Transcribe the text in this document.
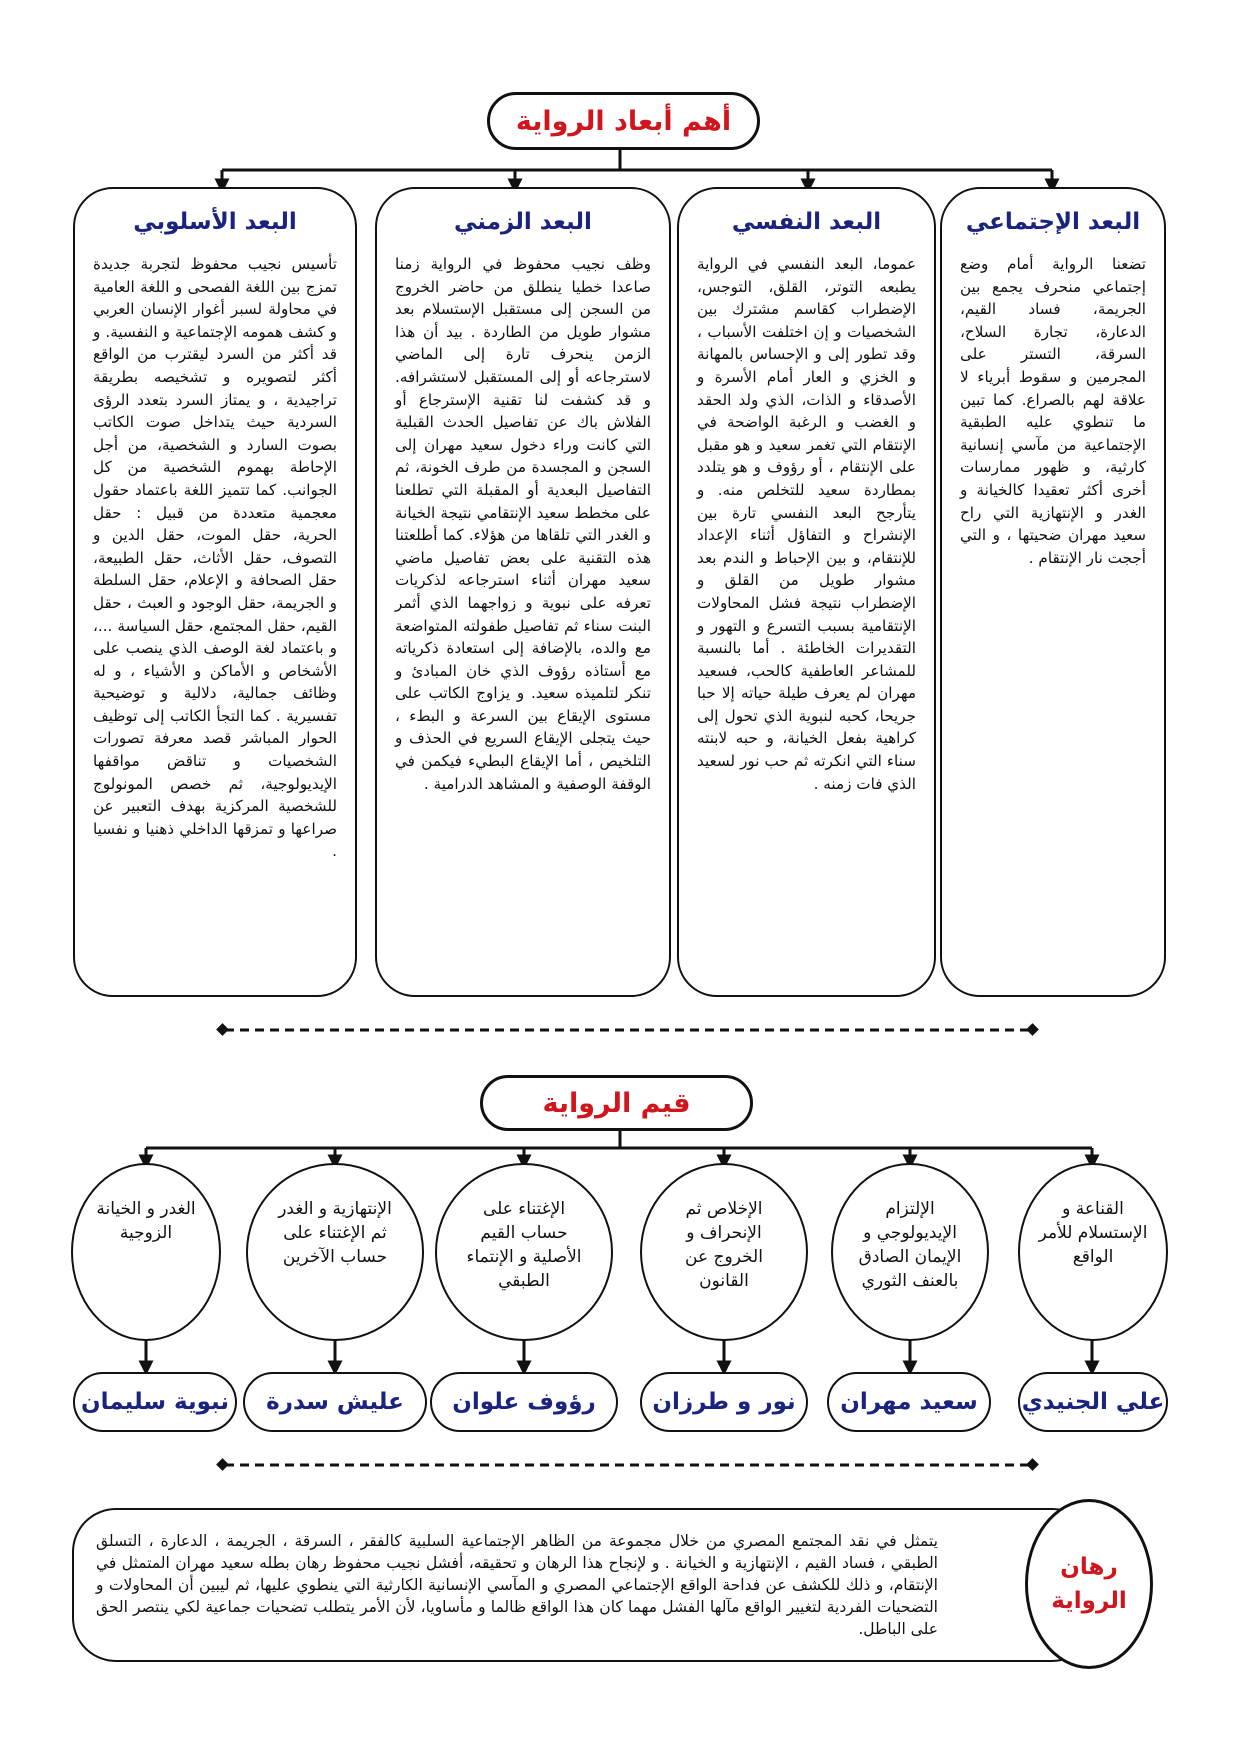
أهم أبعاد الرواية
البعد الإجتماعي
تضعنا الرواية أمام وضع إجتماعي منحرف يجمع بين الجريمة، فساد القيم، الدعارة، تجارة السلاح، السرقة، التستر على المجرمين و سقوط أبرياء لا علاقة لهم بالصراع. كما تبين ما تنطوي عليه الطبقية الإجتماعية من مآسي إنسانية كارثية، و ظهور ممارسات أخرى أكثر تعقيدا كالخيانة و الغدر و الإنتهازية التي راح سعيد مهران ضحيتها ، و التي أججت نار الإنتقام .
البعد النفسي
عموما، البعد النفسي في الرواية يطبعه التوتر، القلق، التوجس، الإضطراب كقاسم مشترك بين الشخصيات و إن اختلفت الأسباب ، وقد تطور إلى و الإحساس بالمهانة و الخزي و العار أمام الأسرة و الأصدقاء و الذات، الذي ولد الحقد و الغضب و الرغبة الواضحة في الإنتقام التي تغمر سعيد و هو مقبل على الإنتقام ، أو رؤوف و هو يتلدد بمطاردة سعيد للتخلص منه. و يتأرجح البعد النفسي تارة بين الإنشراح و التفاؤل أثناء الإعداد للإنتقام، و بين الإحباط و الندم بعد مشوار طويل من القلق و الإضطراب نتيجة فشل المحاولات الإنتقامية بسبب التسرع و التهور و التقديرات الخاطئة . أما بالنسبة للمشاعر العاطفية كالحب، فسعيد مهران لم يعرف طيلة حياته إلا حبا جريحا، كحبه لنبوية الذي تحول إلى كراهية بفعل الخيانة، و حبه لابنته سناء التي انكرته ثم حب نور لسعيد الذي فات زمنه .
البعد الزمني
وظف نجيب محفوظ في الرواية زمنا صاعدا خطيا ينطلق من حاضر الخروج من السجن إلى مستقبل الإستسلام بعد مشوار طويل من الطاردة . بيد أن هذا الزمن ينحرف تارة إلى الماضي لاسترجاعه أو إلى المستقبل لاستشرافه. و قد كشفت لنا تقنية الإسترجاع أو الفلاش باك عن تفاصيل الحدث القبلية التي كانت وراء دخول سعيد مهران إلى السجن و المجسدة من طرف الخونة، ثم التفاصيل البعدية أو المقبلة التي تطلعنا على مخطط سعيد الإنتقامي نتيجة الخيانة و الغدر التي تلقاها من هؤلاء. كما أطلعتنا هذه التقنية على بعض تفاصيل ماضي سعيد مهران أثناء استرجاعه لذكريات تعرفه على نبوية و زواجهما الذي أثمر البنت سناء ثم تفاصيل طفولته المتواضعة مع والده، بالإضافة إلى استعادة ذكرياته مع أستاذه رؤوف الذي خان المبادئ و تنكر لتلميذه سعيد. و يزاوج الكاتب على مستوى الإيقاع بين السرعة و البطء ، حيث يتجلى الإيقاع السريع في الحذف و التلخيص ، أما الإيقاع البطيء فيكمن في الوقفة الوصفية و المشاهد الدرامية .
البعد الأسلوبي
تأسيس نجيب محفوظ لتجربة جديدة تمزج بين اللغة الفصحى و اللغة العامية في محاولة لسبر أغوار الإنسان العربي و كشف همومه الإجتماعية و النفسية. و قد أكثر من السرد ليقترب من الواقع أكثر لتصويره و تشخيصه بطريقة تراجيدية ، و يمتاز السرد بتعدد الرؤى السردية حيث يتداخل صوت الكاتب بصوت السارد و الشخصية، من أجل الإحاطة بهموم الشخصية من كل الجوانب. كما تتميز اللغة باعتماد حقول معجمية متعددة من قبيل : حقل الحرية، حقل الموت، حقل الدين و التصوف، حقل الأثاث، حقل الطبيعة، حقل الصحافة و الإعلام، حقل السلطة و الجريمة، حقل الوجود و العبث ، حقل القيم، حقل المجتمع، حقل السياسة ...، و باعتماد لغة الوصف الذي ينصب على الأشخاص و الأماكن و الأشياء ، و له وظائف جمالية، دلالية و توضيحية تفسيرية . كما التجأ الكاتب إلى توظيف الحوار المباشر قصد معرفة تصورات الشخصيات و تناقض مواقفها الإيديولوجية، ثم خصص المونولوج للشخصية المركزية بهدف التعبير عن صراعها و تمزقها الداخلي ذهنيا و نفسيا .
قيم الرواية
القناعة و الإستسلام للأمر الواقع
الإلتزام الإيديولوجي و الإيمان الصادق بالعنف الثوري
الإخلاص ثم الإنحراف و الخروج عن القانون
الإغتناء على حساب القيم الأصلية و الإنتماء الطبقي
الإنتهازية و الغدر ثم الإغتناء على حساب الآخرين
الغدر و الخيانة الزوجية
علي الجنيدي
سعيد مهران
نور و طرزان
رؤوف علوان
عليش سدرة
نبوية سليمان
يتمثل في نقد المجتمع المصري من خلال مجموعة من الظاهر الإجتماعية السلبية كالفقر ، السرقة ، الجريمة ، الدعارة ، التسلق الطبقي ، فساد القيم ، الإنتهازية و الخيانة . و لإنجاح هذا الرهان و تحقيقه، أفشل نجيب محفوظ رهان بطله سعيد مهران المتمثل في الإنتقام، و ذلك للكشف عن فداحة الواقع الإجتماعي المصري و المآسي الإنسانية الكارثية التي ينطوي عليها، ثم ليبين أن المحاولات و التضحيات الفردية لتغيير الواقع مآلها الفشل مهما كان هذا الواقع ظالما و مأساويا، لأن الأمر يتطلب تضحيات جماعية لكي ينتصر الحق على الباطل.
رهان
الرواية
